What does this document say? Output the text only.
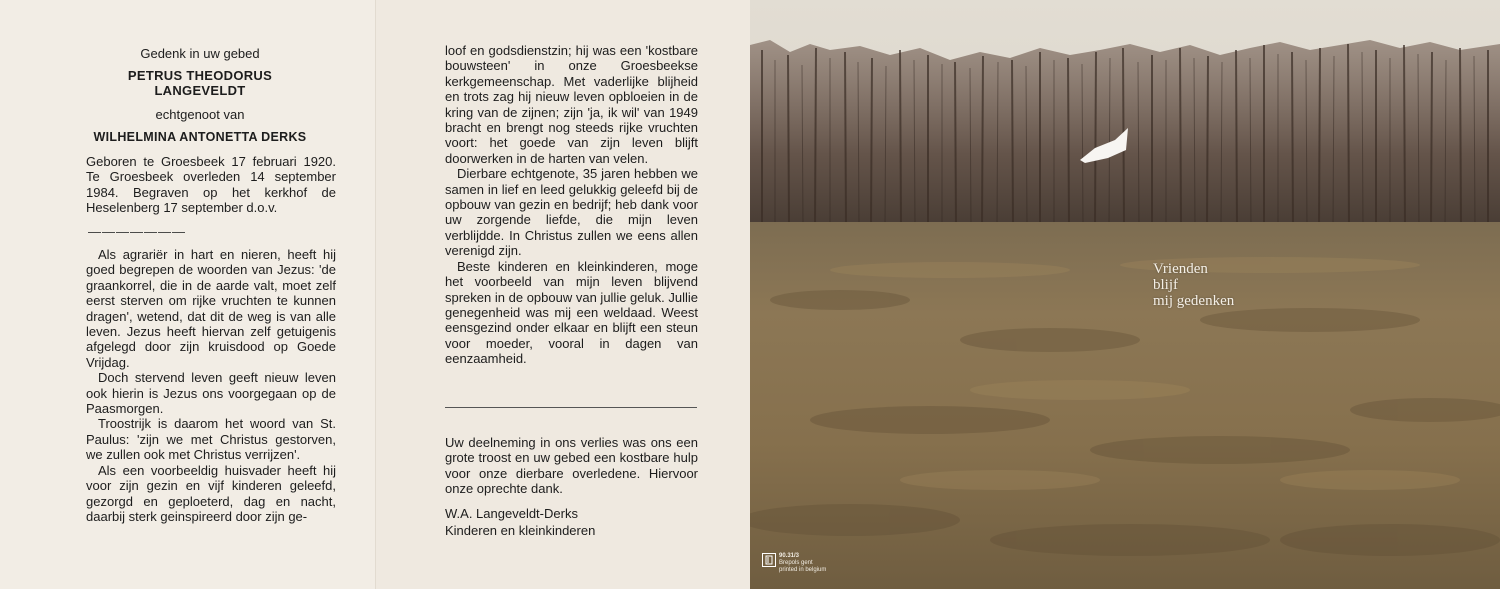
Gedenk in uw gebed
PETRUS THEODORUS
LANGEVELDT
echtgenoot van
WILHELMINA ANTONETTA DERKS
Geboren te Groesbeek 17 februari 1920. Te Groesbeek overleden 14 september 1984. Begraven op het kerkhof de Heselenberg 17 september d.o.v.
———————

Als agrariër in hart en nieren, heeft hij goed begrepen de woorden van Jezus: 'de graankorrel, die in de aarde valt, moet zelf eerst sterven om rijke vruchten te kunnen dragen', wetend, dat dit de weg is van alle leven. Jezus heeft hiervan zelf getuigenis afgelegd door zijn kruisdood op Goede Vrijdag.

Doch stervend leven geeft nieuw leven ook hierin is Jezus ons voorgegaan op de Paasmorgen.

Troostrijk is daarom het woord van St. Paulus: 'zijn we met Christus gestorven, we zullen ook met Christus verrijzen'.

Als een voorbeeldig huisvader heeft hij voor zijn gezin en vijf kinderen geleefd, gezorgd en geploeterd, dag en nacht, daarbij sterk geinspireerd door zijn ge-

loof en godsdienstzin; hij was een 'kostbare bouwsteen' in onze Groesbeekse kerkgemeenschap. Met vaderlijke blijheid en trots zag hij nieuw leven opbloeien in de kring van de zijnen; zijn 'ja, ik wil' van 1949 bracht en brengt nog steeds rijke vruchten voort: het goede van zijn leven blijft doorwerken in de harten van velen.

Dierbare echtgenote, 35 jaren hebben we samen in lief en leed gelukkig geleefd bij de opbouw van gezin en bedrijf; heb dank voor uw zorgende liefde, die mijn leven verblijdde. In Christus zullen we eens allen verenigd zijn.

Beste kinderen en kleinkinderen, moge het voorbeeld van mijn leven blijvend spreken in de opbouw van jullie geluk. Jullie genegenheid was mij een weldaad. Weest eensgezind onder elkaar en blijft een steun voor moeder, vooral in dagen van eenzaamheid.

Uw deelneming in ons verlies was ons een grote troost en uw gebed een kostbare hulp voor onze dierbare overledene. Hiervoor onze oprechte dank.
W.A. Langeveldt-Derks
Kinderen en kleinkinderen
Vrienden
blijf
mij gedenken
90.31/3
Brepols gent
printed in belgium
